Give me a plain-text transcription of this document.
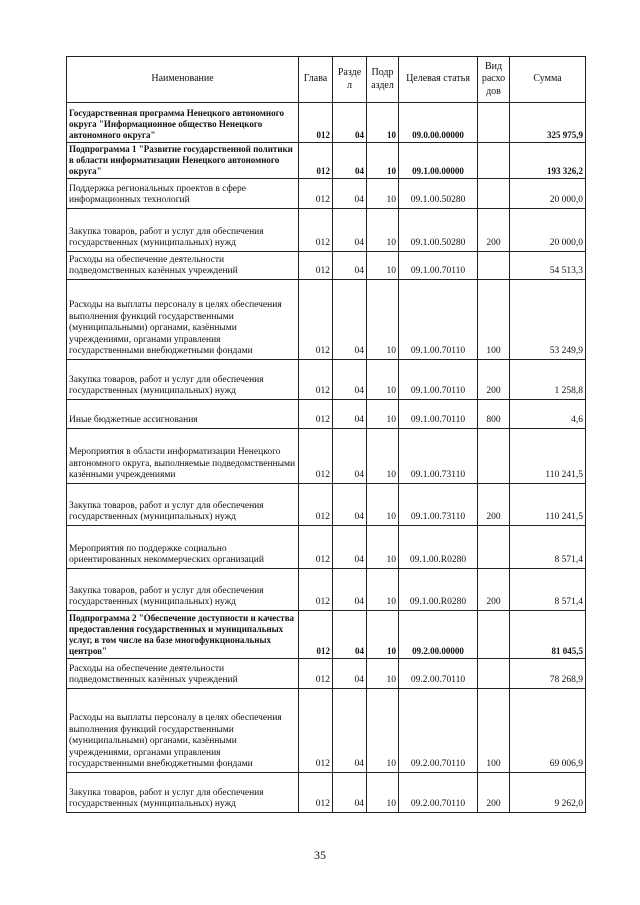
Наименование	Глава	Разде л	Подр аздел	Целевая статья	Вид расхо дов	Сумма
Государственная программа Ненецкого автономного округа "Информационное общество Ненецкого автономного округа"	012	04	10	09.0.00.00000		325 975,9
Подпрограмма 1 "Развитие государственной политики в области информатизации Ненецкого автономного округа"	012	04	10	09.1.00.00000		193 326,2
Поддержка региональных проектов в сфере информационных технологий	012	04	10	09.1.00.50280		20 000,0
Закупка товаров, работ и услуг для обеспечения государственных (муниципальных) нужд	012	04	10	09.1.00.50280	200	20 000,0
Расходы на обеспечение деятельности подведомственных казённых учреждений	012	04	10	09.1.00.70110		54 513,3
Расходы на выплаты персоналу в целях обеспечения выполнения функций государственными (муниципальными) органами, казёнными учреждениями, органами управления государственными внебюджетными фондами	012	04	10	09.1.00.70110	100	53 249,9
Закупка товаров, работ и услуг для обеспечения государственных (муниципальных) нужд	012	04	10	09.1.00.70110	200	1 258,8
Иные бюджетные ассигнования	012	04	10	09.1.00.70110	800	4,6
Мероприятия в области информатизации Ненецкого автономного округа, выполняемые подведомственными казёнными учреждениями	012	04	10	09.1.00.73110		110 241,5
Закупка товаров, работ и услуг для обеспечения государственных (муниципальных) нужд	012	04	10	09.1.00.73110	200	110 241,5
Мероприятия по поддержке социально ориентированных некоммерческих организаций	012	04	10	09.1.00.R0280		8 571,4
Закупка товаров, работ и услуг для обеспечения государственных (муниципальных) нужд	012	04	10	09.1.00.R0280	200	8 571,4
Подпрограмма 2 "Обеспечение доступности и качества предоставления государственных и муниципальных услуг, в том числе на базе многофункциональных центров"	012	04	10	09.2.00.00000		81 045,5
Расходы на обеспечение деятельности подведомственных казённых учреждений	012	04	10	09.2.00.70110		78 268,9
Расходы на выплаты персоналу в целях обеспечения выполнения функций государственными (муниципальными) органами, казёнными учреждениями, органами управления государственными внебюджетными фондами	012	04	10	09.2.00.70110	100	69 006,9
Закупка товаров, работ и услуг для обеспечения государственных (муниципальных) нужд	012	04	10	09.2.00.70110	200	9 262,0
35
